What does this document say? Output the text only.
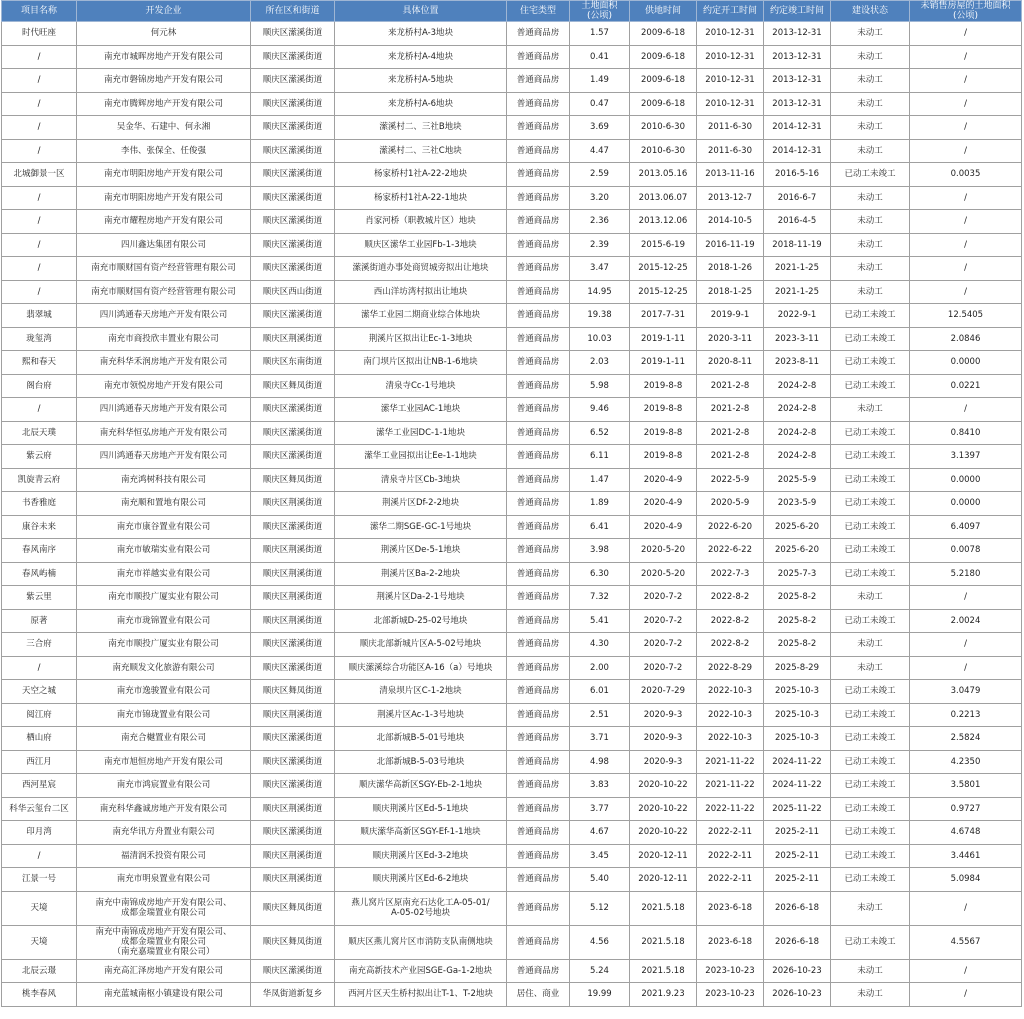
项目名称	开发企业	所在区和街道	具体位置	住宅类型	土地面积
(公顷)	供地时间	约定开工时间	约定竣工时间	建设状态	未销售房屋的土地面积
(公顷)
时代旺座	何元林	顺庆区潆溪街道	来龙桥村A-3地块	普通商品房	1.57	2009-6-18	2010-12-31	2013-12-31	未动工	/
/	南充市城晖房地产开发有限公司	顺庆区潆溪街道	来龙桥村A-4地块	普通商品房	0.41	2009-6-18	2010-12-31	2013-12-31	未动工	/
/	南充市磐锦房地产开发有限公司	顺庆区潆溪街道	来龙桥村A-5地块	普通商品房	1.49	2009-6-18	2010-12-31	2013-12-31	未动工	/
/	南充市腾辉房地产开发有限公司	顺庆区潆溪街道	来龙桥村A-6地块	普通商品房	0.47	2009-6-18	2010-12-31	2013-12-31	未动工	/
/	吴金华、石建中、何永湘	顺庆区潆溪街道	潆溪村二、三社B地块	普通商品房	3.69	2010-6-30	2011-6-30	2014-12-31	未动工	/
/	李伟、张保全、任俊强	顺庆区潆溪街道	潆溪村二、三社C地块	普通商品房	4.47	2010-6-30	2011-6-30	2014-12-31	未动工	/
北城御景一区	南充市明阳房地产开发有限公司	顺庆区潆溪街道	杨家桥村1社A-22-2地块	普通商品房	2.59	2013.05.16	2013-11-16	2016-5-16	已动工未竣工	0.0035
/	南充市明阳房地产开发有限公司	顺庆区潆溪街道	杨家桥村1社A-22-1地块	普通商品房	3.20	2013.06.07	2013-12-7	2016-6-7	未动工	/
/	南充市耀程房地产开发有限公司	顺庆区潆溪街道	肖家河桥（职教城片区）地块	普通商品房	2.36	2013.12.06	2014-10-5	2016-4-5	未动工	/
/	四川鑫达集团有限公司	顺庆区潆溪街道	顺庆区潆华工业园Fb-1-3地块	普通商品房	2.39	2015-6-19	2016-11-19	2018-11-19	未动工	/
/	南充市顺财国有资产经营管理有限公司	顺庆区潆溪街道	潆溪街道办事处商贸城旁拟出让地块	普通商品房	3.47	2015-12-25	2018-1-26	2021-1-25	未动工	/
/	南充市顺财国有资产经营管理有限公司	顺庆区西山街道	西山洋坊湾村拟出让地块	普通商品房	14.95	2015-12-25	2018-1-25	2021-1-25	未动工	/
翡翠城	四川鸿通春天房地产开发有限公司	顺庆区潆溪街道	潆华工业园二期商业综合体地块	普通商品房	19.38	2017-7-31	2019-9-1	2022-9-1	已动工未竣工	12.5405
珑玺湾	南充市商投欣丰置业有限公司	顺庆区荆溪街道	荆溪片区拟出让Ec-1-3地块	普通商品房	10.03	2019-1-11	2020-3-11	2023-3-11	已动工未竣工	2.0846
熙和春天	南充科华禾润房地产开发有限公司	顺庆区东南街道	南门坝片区拟出让NB-1-6地块	普通商品房	2.03	2019-1-11	2020-8-11	2023-8-11	已动工未竣工	0.0000
阁台府	南充市领悦房地产开发有限公司	顺庆区舞凤街道	清泉寺Cc-1号地块	普通商品房	5.98	2019-8-8	2021-2-8	2024-2-8	已动工未竣工	0.0221
/	四川鸿通春天房地产开发有限公司	顺庆区潆溪街道	潆华工业园AC-1地块	普通商品房	9.46	2019-8-8	2021-2-8	2024-2-8	未动工	/
北辰天璞	南充科华恒弘房地产开发有限公司	顺庆区潆溪街道	潆华工业园DC-1-1地块	普通商品房	6.52	2019-8-8	2021-2-8	2024-2-8	已动工未竣工	0.8410
紫云府	四川鸿通春天房地产开发有限公司	顺庆区潆溪街道	潆华工业园拟出让Ee-1-1地块	普通商品房	6.11	2019-8-8	2021-2-8	2024-2-8	已动工未竣工	3.1397
凯旋青云府	南充鸿树科技有限公司	顺庆区舞凤街道	清泉寺片区Cb-3地块	普通商品房	1.47	2020-4-9	2022-5-9	2025-5-9	已动工未竣工	0.0000
书香雅庭	南充顺和置地有限公司	顺庆区荆溪街道	荆溪片区Df-2-2地块	普通商品房	1.89	2020-4-9	2020-5-9	2023-5-9	已动工未竣工	0.0000
康谷未来	南充市康谷置业有限公司	顺庆区潆溪街道	潆华二期SGE-GC-1号地块	普通商品房	6.41	2020-4-9	2022-6-20	2025-6-20	已动工未竣工	6.4097
春风南序	南充市敏瑞实业有限公司	顺庆区荆溪街道	荆溪片区De-5-1地块	普通商品房	3.98	2020-5-20	2022-6-22	2025-6-20	已动工未竣工	0.0078
春风屿楠	南充市祥越实业有限公司	顺庆区荆溪街道	荆溪片区Ba-2-2地块	普通商品房	6.30	2020-5-20	2022-7-3	2025-7-3	已动工未竣工	5.2180
紫云里	南充市顺投广厦实业有限公司	顺庆区荆溪街道	荆溪片区Da-2-1号地块	普通商品房	7.32	2020-7-2	2022-8-2	2025-8-2	未动工	/
原著	南充市珑锦置业有限公司	顺庆区荆溪街道	北部新城D-25-02号地块	普通商品房	5.41	2020-7-2	2022-8-2	2025-8-2	已动工未竣工	2.0024
三合府	南充市顺投广厦实业有限公司	顺庆区潆溪街道	顺庆北部新城片区A-5-02号地块	普通商品房	4.30	2020-7-2	2022-8-2	2025-8-2	未动工	/
/	南充顺发文化旅游有限公司	顺庆区潆溪街道	顺庆潆溪综合功能区A-16（a）号地块	普通商品房	2.00	2020-7-2	2022-8-29	2025-8-29	未动工	/
天空之城	南充市逸骏置业有限公司	顺庆区舞凤街道	清泉坝片区C-1-2地块	普通商品房	6.01	2020-7-29	2022-10-3	2025-10-3	已动工未竣工	3.0479
阅江府	南充市锦珑置业有限公司	顺庆区荆溪街道	荆溪片区Ac-1-3号地块	普通商品房	2.51	2020-9-3	2022-10-3	2025-10-3	已动工未竣工	0.2213
栖山府	南充合樾置业有限公司	顺庆区潆溪街道	北部新城B-5-01号地块	普通商品房	3.71	2020-9-3	2022-10-3	2025-10-3	已动工未竣工	2.5824
西江月	南充市旭恒房地产开发有限公司	顺庆区潆溪街道	北部新城B-5-03号地块	普通商品房	4.98	2020-9-3	2021-11-22	2024-11-22	已动工未竣工	4.2350
西河星宸	南充市鸿宸置业有限公司	顺庆区潆溪街道	顺庆潆华高新区SGY-Eb-2-1地块	普通商品房	3.83	2020-10-22	2021-11-22	2024-11-22	已动工未竣工	3.5801
科华云玺台二区	南充科华鑫诚房地产开发有限公司	顺庆区荆溪街道	顺庆荆溪片区Ed-5-1地块	普通商品房	3.77	2020-10-22	2022-11-22	2025-11-22	已动工未竣工	0.9727
印月湾	南充华讯方舟置业有限公司	顺庆区潆溪街道	顺庆潆华高新区SGY-Ef-1-1地块	普通商品房	4.67	2020-10-22	2022-2-11	2025-2-11	已动工未竣工	4.6748
/	福清润禾投资有限公司	顺庆区荆溪街道	顺庆荆溪片区Ed-3-2地块	普通商品房	3.45	2020-12-11	2022-2-11	2025-2-11	已动工未竣工	3.4461
江景一号	南充市明泉置业有限公司	顺庆区荆溪街道	顺庆荆溪片区Ed-6-2地块	普通商品房	5.40	2020-12-11	2022-2-11	2025-2-11	已动工未竣工	5.0984
天境	南充中南锦成房地产开发有限公司、
成都金瑞置业有限公司	顺庆区舞凤街道	燕儿窝片区原南充石达化工A-05-01/
A-05-02号地块	普通商品房	5.12	2021.5.18	2023-6-18	2026-6-18	未动工	/
天境	南充中南锦成房地产开发有限公司、
成都金瑞置业有限公司
（南充嘉瑞置业有限公司）	顺庆区舞凤街道	顺庆区燕儿窝片区市消防支队南侧地块	普通商品房	4.56	2021.5.18	2023-6-18	2026-6-18	已动工未竣工	4.5567
北辰云璟	南充高汇泽房地产开发有限公司	顺庆区潆溪街道	南充高新技术产业园SGE-Ga-1-2地块	普通商品房	5.24	2021.5.18	2023-10-23	2026-10-23	未动工	/
桃李春风	南充蓝城南枢小镇建设有限公司	华凤街道新复乡	西河片区天生桥村拟出让T-1、T-2地块	居住、商业	19.99	2021.9.23	2023-10-23	2026-10-23	未动工	/
